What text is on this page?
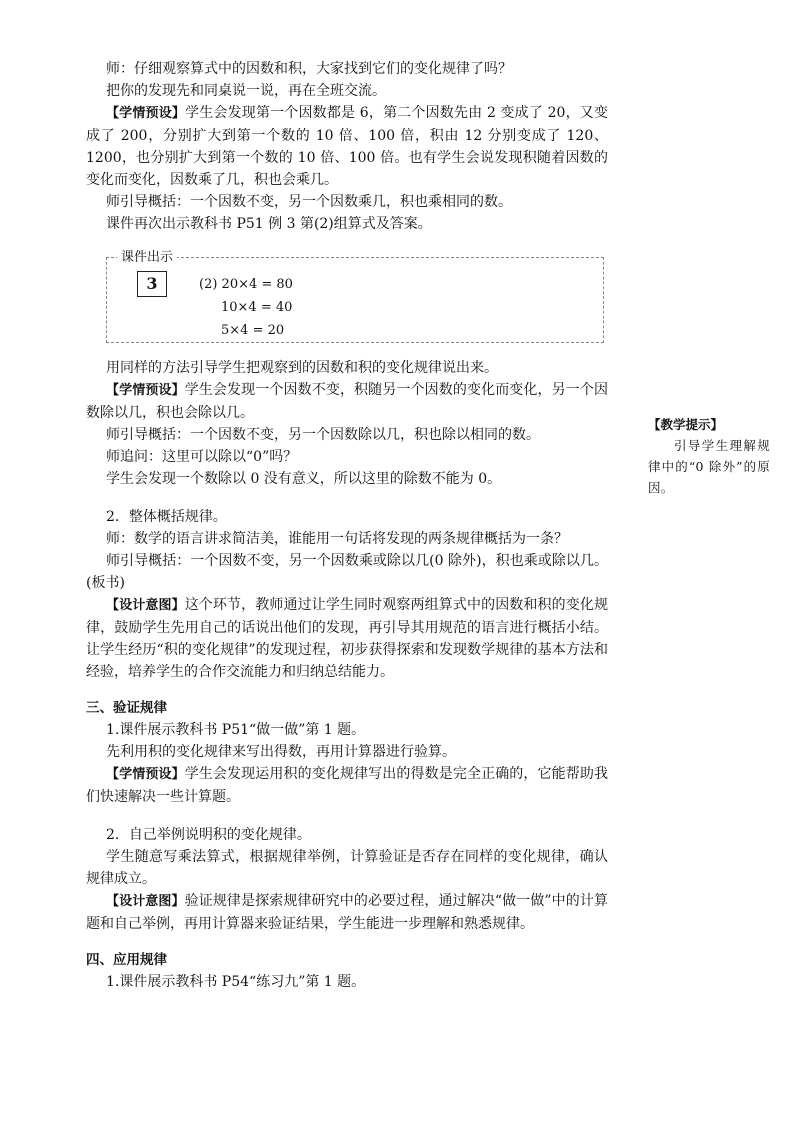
师：仔细观察算式中的因数和积，大家找到它们的变化规律了吗？

把你的发现先和同桌说一说，再在全班交流。

【学情预设】学生会发现第一个因数都是 6，第二个因数先由 2 变成了 20，又变成了 200，分别扩大到第一个数的 10 倍、100 倍，积由 12 分别变成了 120、1200，也分别扩大到第一个数的 10 倍、100 倍。也有学生会说发现积随着因数的变化而变化，因数乘了几，积也会乘几。

师引导概括：一个因数不变，另一个因数乘几，积也乘相同的数。

课件再次出示教科书 P51 例 3 第(2)组算式及答案。

课件出示
3	(2) 20×4 = 80
10×4 = 40
5×4 = 20

用同样的方法引导学生把观察到的因数和积的变化规律说出来。

【学情预设】学生会发现一个因数不变，积随另一个因数的变化而变化，另一个因数除以几，积也会除以几。

师引导概括：一个因数不变，另一个因数除以几，积也除以相同的数。

师追问：这里可以除以“0”吗？

学生会发现一个数除以 0 没有意义，所以这里的除数不能为 0。

2．整体概括规律。

师：数学的语言讲求简洁美，谁能用一句话将发现的两条规律概括为一条？

师引导概括：一个因数不变，另一个因数乘或除以几(0 除外)，积也乘或除以几。(板书)

【设计意图】这个环节，教师通过让学生同时观察两组算式中的因数和积的变化规律，鼓励学生先用自己的话说出他们的发现，再引导其用规范的语言进行概括小结。让学生经历“积的变化规律”的发现过程，初步获得探索和发现数学规律的基本方法和经验，培养学生的合作交流能力和归纳总结能力。

三、验证规律

1.课件展示教科书 P51“做一做”第 1 题。

先利用积的变化规律来写出得数，再用计算器进行验算。

【学情预设】学生会发现运用积的变化规律写出的得数是完全正确的，它能帮助我们快速解决一些计算题。

2．自己举例说明积的变化规律。

学生随意写乘法算式，根据规律举例，计算验证是否存在同样的变化规律，确认规律成立。

【设计意图】验证规律是探索规律研究中的必要过程，通过解决“做一做”中的计算题和自己举例，再用计算器来验证结果，学生能进一步理解和熟悉规律。

四、应用规律

1.课件展示教科书 P54“练习九”第 1 题。

【教学提示】

引导学生理解规律中的“0 除外”的原因。
